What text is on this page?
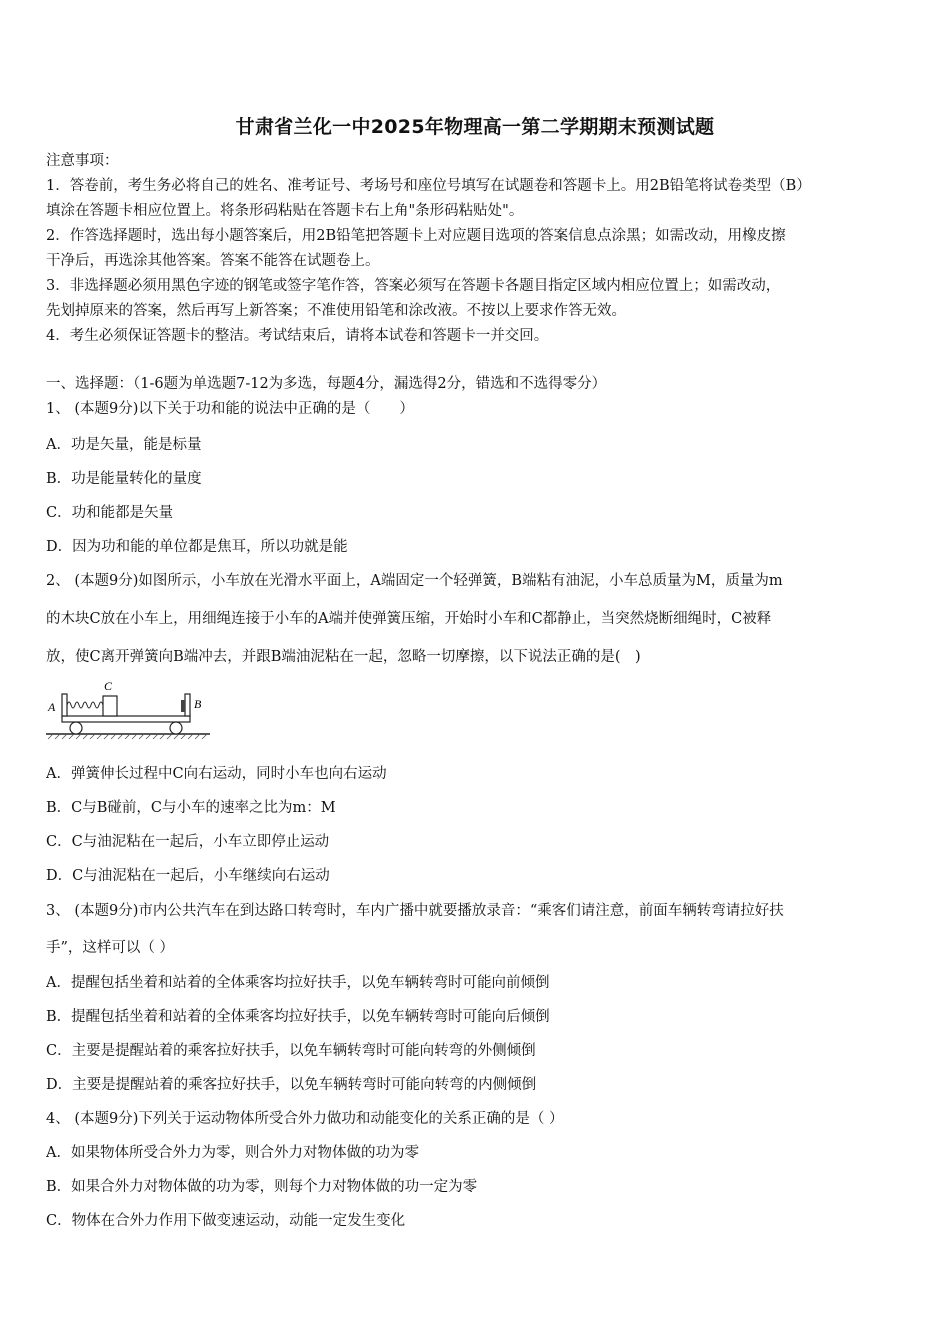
甘肃省兰化一中2025年物理高一第二学期期末预测试题
注意事项：
1．答卷前，考生务必将自己的姓名、准考证号、考场号和座位号填写在试题卷和答题卡上。用2B铅笔将试卷类型（B）
填涂在答题卡相应位置上。将条形码粘贴在答题卡右上角"条形码粘贴处"。
2．作答选择题时，选出每小题答案后，用2B铅笔把答题卡上对应题目选项的答案信息点涂黑；如需改动，用橡皮擦
干净后，再选涂其他答案。答案不能答在试题卷上。
3．非选择题必须用黑色字迹的钢笔或签字笔作答，答案必须写在答题卡各题目指定区域内相应位置上；如需改动，
先划掉原来的答案，然后再写上新答案；不准使用铅笔和涂改液。不按以上要求作答无效。
4．考生必须保证答题卡的整洁。考试结束后，请将本试卷和答题卡一并交回。
一、选择题：（1-6题为单选题7-12为多选，每题4分，漏选得2分，错选和不选得零分）
1、 (本题9分)以下关于功和能的说法中正确的是（　　）
A．功是矢量，能是标量
B．功是能量转化的量度
C．功和能都是矢量
D．因为功和能的单位都是焦耳，所以功就是能
2、 (本题9分)如图所示，小车放在光滑水平面上，A端固定一个轻弹簧，B端粘有油泥，小车总质量为M，质量为m
的木块C放在小车上，用细绳连接于小车的A端并使弹簧压缩，开始时小车和C都静止，当突然烧断细绳时，C被释
放，使C离开弹簧向B端冲去，并跟B端油泥粘在一起，忽略一切摩擦，以下说法正确的是(　)
A
C
B
A．弹簧伸长过程中C向右运动，同时小车也向右运动
B．C与B碰前，C与小车的速率之比为m：M
C．C与油泥粘在一起后，小车立即停止运动
D．C与油泥粘在一起后，小车继续向右运动
3、 (本题9分)市内公共汽车在到达路口转弯时，车内广播中就要播放录音：“乘客们请注意，前面车辆转弯请拉好扶
手”，这样可以（ ）
A．提醒包括坐着和站着的全体乘客均拉好扶手，以免车辆转弯时可能向前倾倒
B．提醒包括坐着和站着的全体乘客均拉好扶手，以免车辆转弯时可能向后倾倒
C．主要是提醒站着的乘客拉好扶手，以免车辆转弯时可能向转弯的外侧倾倒
D．主要是提醒站着的乘客拉好扶手，以免车辆转弯时可能向转弯的内侧倾倒
4、 (本题9分)下列关于运动物体所受合外力做功和动能变化的关系正确的是（ ）
A．如果物体所受合外力为零，则合外力对物体做的功为零
B．如果合外力对物体做的功为零，则每个力对物体做的功一定为零
C．物体在合外力作用下做变速运动，动能一定发生变化
